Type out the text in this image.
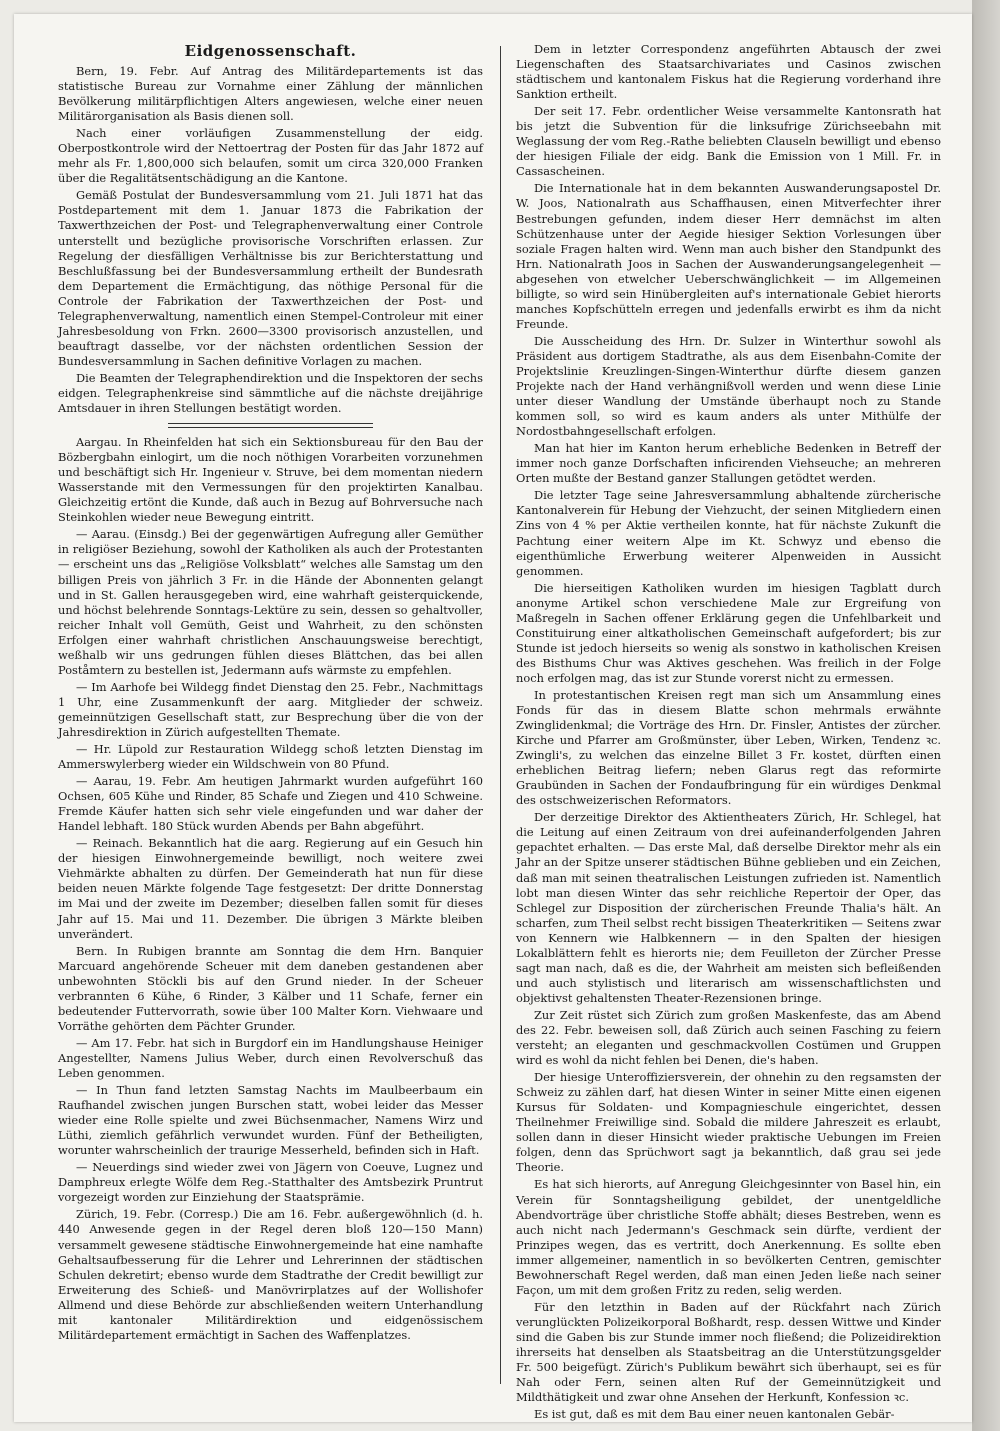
Eidgenossenschaft.

Bern, 19. Febr. Auf Antrag des Militärdepartements ist das statistische Bureau zur Vornahme einer Zählung der männlichen Bevölkerung militärpflichtigen Alters angewiesen, welche einer neuen Militärorganisation als Basis dienen soll.

Nach einer vorläufigen Zusammenstellung der eidg. Oberpostkontrole wird der Nettoertrag der Posten für das Jahr 1872 auf mehr als Fr. 1,800,000 sich belaufen, somit um circa 320,000 Franken über die Regalitätsentschädigung an die Kantone.

Gemäß Postulat der Bundesversammlung vom 21. Juli 1871 hat das Postdepartement mit dem 1. Januar 1873 die Fabrikation der Taxwerthzeichen der Post- und Telegraphenverwaltung einer Controle unterstellt und bezügliche provisorische Vorschriften erlassen. Zur Regelung der diesfälligen Verhältnisse bis zur Berichterstattung und Beschlußfassung bei der Bundesversammlung ertheilt der Bundesrath dem Departement die Ermächtigung, das nöthige Personal für die Controle der Fabrikation der Taxwerthzeichen der Post- und Telegraphenverwaltung, namentlich einen Stempel-Controleur mit einer Jahresbesoldung von Frkn. 2600—3300 provisorisch anzustellen, und beauftragt dasselbe, vor der nächsten ordentlichen Session der Bundesversammlung in Sachen definitive Vorlagen zu machen.

Die Beamten der Telegraphendirektion und die Inspektoren der sechs eidgen. Telegraphenkreise sind sämmtliche auf die nächste dreijährige Amtsdauer in ihren Stellungen bestätigt worden.

Aargau. In Rheinfelden hat sich ein Sektionsbureau für den Bau der Bözbergbahn einlogirt, um die noch nöthigen Vorarbeiten vorzunehmen und beschäftigt sich Hr. Ingenieur v. Struve, bei dem momentan niedern Wasserstande mit den Vermessungen für den projektirten Kanalbau. Gleichzeitig ertönt die Kunde, daß auch in Bezug auf Bohrversuche nach Steinkohlen wieder neue Bewegung eintritt.

— Aarau. (Einsdg.) Bei der gegenwärtigen Aufregung aller Gemüther in religiöser Beziehung, sowohl der Katholiken als auch der Protestanten — erscheint uns das „Religiöse Volksblatt“ welches alle Samstag um den billigen Preis von jährlich 3 Fr. in die Hände der Abonnenten gelangt und in St. Gallen herausgegeben wird, eine wahrhaft geisterquickende, und höchst belehrende Sonntags-Lektüre zu sein, dessen so gehaltvoller, reicher Inhalt voll Gemüth, Geist und Wahrheit, zu den schönsten Erfolgen einer wahrhaft christlichen Anschauungsweise berechtigt, weßhalb wir uns gedrungen fühlen dieses Blättchen, das bei allen Poståmtern zu bestellen ist, Jedermann aufs wärmste zu empfehlen.

— Im Aarhofe bei Wildegg findet Dienstag den 25. Febr., Nachmittags 1 Uhr, eine Zusammenkunft der aarg. Mitglieder der schweiz. gemeinnützigen Gesellschaft statt, zur Besprechung über die von der Jahresdirektion in Zürich aufgestellten Themate.

— Hr. Lüpold zur Restauration Wildegg schoß letzten Dienstag im Ammerswylerberg wieder ein Wildschwein von 80 Pfund.

— Aarau, 19. Febr. Am heutigen Jahrmarkt wurden aufgeführt 160 Ochsen, 605 Kühe und Rinder, 85 Schafe und Ziegen und 410 Schweine. Fremde Käufer hatten sich sehr viele eingefunden und war daher der Handel lebhaft. 180 Stück wurden Abends per Bahn abgeführt.

— Reinach. Bekanntlich hat die aarg. Regierung auf ein Gesuch hin der hiesigen Einwohnergemeinde bewilligt, noch weitere zwei Viehmärkte abhalten zu dürfen. Der Gemeinderath hat nun für diese beiden neuen Märkte folgende Tage festgesetzt: Der dritte Donnerstag im Mai und der zweite im Dezember; dieselben fallen somit für dieses Jahr auf 15. Mai und 11. Dezember. Die übrigen 3 Märkte bleiben unverändert.

Bern. In Rubigen brannte am Sonntag die dem Hrn. Banquier Marcuard angehörende Scheuer mit dem daneben gestandenen aber unbewohnten Stöckli bis auf den Grund nieder. In der Scheuer verbrannten 6 Kühe, 6 Rinder, 3 Kälber und 11 Schafe, ferner ein bedeutender Futtervorrath, sowie über 100 Malter Korn. Viehwaare und Vorräthe gehörten dem Pächter Grunder.

— Am 17. Febr. hat sich in Burgdorf ein im Handlungshause Heiniger Angestellter, Namens Julius Weber, durch einen Revolverschuß das Leben genommen.

— In Thun fand letzten Samstag Nachts im Maulbeerbaum ein Raufhandel zwischen jungen Burschen statt, wobei leider das Messer wieder eine Rolle spielte und zwei Büchsenmacher, Namens Wirz und Lüthi, ziemlich gefährlich verwundet wurden. Fünf der Betheiligten, worunter wahrscheinlich der traurige Messerheld, befinden sich in Haft.

— Neuerdings sind wieder zwei von Jägern von Coeuve, Lugnez und Damphreux erlegte Wölfe dem Reg.-Statthalter des Amtsbezirk Pruntrut vorgezeigt worden zur Einziehung der Staatsprämie.

Zürich, 19. Febr. (Corresp.) Die am 16. Febr. außergewöhnlich (d. h. 440 Anwesende gegen in der Regel deren bloß 120—150 Mann) versammelt gewesene städtische Einwohnergemeinde hat eine namhafte Gehaltsaufbesserung für die Lehrer und Lehrerinnen der städtischen Schulen dekretirt; ebenso wurde dem Stadtrathe der Credit bewilligt zur Erweiterung des Schieß- und Manövrirplatzes auf der Wollishofer Allmend und diese Behörde zur abschließenden weitern Unterhandlung mit kantonaler Militärdirektion und eidgenössischem Militärdepartement ermächtigt in Sachen des Waffenplatzes.

Dem in letzter Correspondenz angeführten Abtausch der zwei Liegenschaften des Staatsarchivariates und Casinos zwischen städtischem und kantonalem Fiskus hat die Regierung vorderhand ihre Sanktion ertheilt.

Der seit 17. Febr. ordentlicher Weise versammelte Kantonsrath hat bis jetzt die Subvention für die linksufrige Zürichseebahn mit Weglassung der vom Reg.-Rathe beliebten Clauseln bewilligt und ebenso der hiesigen Filiale der eidg. Bank die Emission von 1 Mill. Fr. in Cassascheinen.

Die Internationale hat in dem bekannten Auswanderungsapostel Dr. W. Joos, Nationalrath aus Schaffhausen, einen Mitverfechter ihrer Bestrebungen gefunden, indem dieser Herr demnächst im alten Schützenhause unter der Aegide hiesiger Sektion Vorlesungen über soziale Fragen halten wird. Wenn man auch bisher den Standpunkt des Hrn. Nationalrath Joos in Sachen der Auswanderungsangelegenheit — abgesehen von etwelcher Ueberschwänglichkeit — im Allgemeinen billigte, so wird sein Hinübergleiten auf's internationale Gebiet hierorts manches Kopfschütteln erregen und jedenfalls erwirbt es ihm da nicht Freunde.

Die Ausscheidung des Hrn. Dr. Sulzer in Winterthur sowohl als Präsident aus dortigem Stadtrathe, als aus dem Eisenbahn-Comite der Projektslinie Kreuzlingen-Singen-Winterthur dürfte diesem ganzen Projekte nach der Hand verhängnißvoll werden und wenn diese Linie unter dieser Wandlung der Umstände überhaupt noch zu Stande kommen soll, so wird es kaum anders als unter Mithülfe der Nordostbahngesellschaft erfolgen.

Man hat hier im Kanton herum erhebliche Bedenken in Betreff der immer noch ganze Dorfschaften inficirenden Viehseuche; an mehreren Orten mußte der Bestand ganzer Stallungen getödtet werden.

Die letzter Tage seine Jahresversammlung abhaltende zürcherische Kantonalverein für Hebung der Viehzucht, der seinen Mitgliedern einen Zins von 4 % per Aktie vertheilen konnte, hat für nächste Zukunft die Pachtung einer weitern Alpe im Kt. Schwyz und ebenso die eigenthümliche Erwerbung weiterer Alpenweiden in Aussicht genommen.

Die hierseitigen Katholiken wurden im hiesigen Tagblatt durch anonyme Artikel schon verschiedene Male zur Ergreifung von Maßregeln in Sachen offener Erklärung gegen die Unfehlbarkeit und Constituirung einer altkatholischen Gemeinschaft aufgefordert; bis zur Stunde ist jedoch hierseits so wenig als sonstwo in katholischen Kreisen des Bisthums Chur was Aktives geschehen. Was freilich in der Folge noch erfolgen mag, das ist zur Stunde vorerst nicht zu ermessen.

In protestantischen Kreisen regt man sich um Ansammlung eines Fonds für das in diesem Blatte schon mehrmals erwähnte Zwinglidenkmal; die Vorträge des Hrn. Dr. Finsler, Antistes der zürcher. Kirche und Pfarrer am Großmünster, über Leben, Wirken, Tendenz ꝛc. Zwingli's, zu welchen das einzelne Billet 3 Fr. kostet, dürften einen erheblichen Beitrag liefern; neben Glarus regt das reformirte Graubünden in Sachen der Fondaufbringung für ein würdiges Denkmal des ostschweizerischen Reformators.

Der derzeitige Direktor des Aktientheaters Zürich, Hr. Schlegel, hat die Leitung auf einen Zeitraum von drei aufeinanderfolgenden Jahren gepachtet erhalten. — Das erste Mal, daß derselbe Direktor mehr als ein Jahr an der Spitze unserer städtischen Bühne geblieben und ein Zeichen, daß man mit seinen theatralischen Leistungen zufrieden ist. Namentlich lobt man diesen Winter das sehr reichliche Repertoir der Oper, das Schlegel zur Disposition der zürcherischen Freunde Thalia's hält. An scharfen, zum Theil selbst recht bissigen Theaterkritiken — Seitens zwar von Kennern wie Halbkennern — in den Spalten der hiesigen Lokalblättern fehlt es hierorts nie; dem Feuilleton der Zürcher Presse sagt man nach, daß es die, der Wahrheit am meisten sich befleißenden und auch stylistisch und literarisch am wissenschaftlichsten und objektivst gehaltensten Theater-Rezensionen bringe.

Zur Zeit rüstet sich Zürich zum großen Maskenfeste, das am Abend des 22. Febr. beweisen soll, daß Zürich auch seinen Fasching zu feiern versteht; an eleganten und geschmackvollen Costümen und Gruppen wird es wohl da nicht fehlen bei Denen, die's haben.

Der hiesige Unteroffiziersverein, der ohnehin zu den regsamsten der Schweiz zu zählen darf, hat diesen Winter in seiner Mitte einen eigenen Kursus für Soldaten- und Kompagnieschule eingerichtet, dessen Theilnehmer Freiwillige sind. Sobald die mildere Jahreszeit es erlaubt, sollen dann in dieser Hinsicht wieder praktische Uebungen im Freien folgen, denn das Sprüchwort sagt ja bekanntlich, daß grau sei jede Theorie.

Es hat sich hierorts, auf Anregung Gleichgesinnter von Basel hin, ein Verein für Sonntagsheiligung gebildet, der unentgeldliche Abendvorträge über christliche Stoffe abhält; dieses Bestreben, wenn es auch nicht nach Jedermann's Geschmack sein dürfte, verdient der Prinzipes wegen, das es vertritt, doch Anerkennung. Es sollte eben immer allgemeiner, namentlich in so bevölkerten Centren, gemischter Bewohnerschaft Regel werden, daß man einen Jeden ließe nach seiner Façon, um mit dem großen Fritz zu reden, selig werden.

Für den letzthin in Baden auf der Rückfahrt nach Zürich verunglückten Polizeikorporal Boßhardt, resp. dessen Wittwe und Kinder sind die Gaben bis zur Stunde immer noch fließend; die Polizeidirektion ihrerseits hat denselben als Staatsbeitrag an die Unterstützungsgelder Fr. 500 beigefügt. Zürich's Publikum bewährt sich überhaupt, sei es für Nah oder Fern, seinen alten Ruf der Gemeinnützigkeit und Mildthätigkeit und zwar ohne Ansehen der Herkunft, Konfession ꝛc.

Es ist gut, daß es mit dem Bau einer neuen kantonalen Gebär-
